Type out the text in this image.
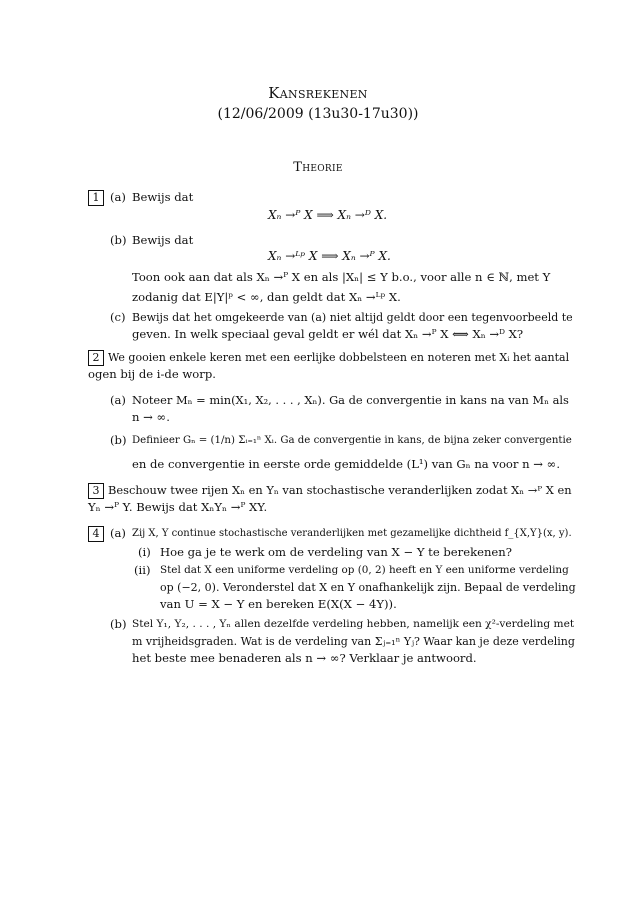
Kansrekenen
(12/06/2009 (13u30-17u30))
Theorie
1 (a) Bewijs dat
Xₙ →ᴾ X ⟹ Xₙ →ᴰ X.
(b) Bewijs dat
Xₙ →ᴸᵖ X ⟹ Xₙ →ᴾ X.
Toon ook aan dat als Xₙ →ᴾ X en als |Xₙ| ≤ Y b.o., voor alle n ∈ ℕ, met Y
zodanig dat E|Y|ᵖ < ∞, dan geldt dat Xₙ →ᴸᵖ X.
(c) Bewijs dat het omgekeerde van (a) niet altijd geldt door een tegenvoorbeeld te
geven. In welk speciaal geval geldt er wél dat Xₙ →ᴾ X ⟺ Xₙ →ᴰ X?
2 We gooien enkele keren met een eerlijke dobbelsteen en noteren met Xᵢ het aantal
ogen bij de i-de worp.
(a) Noteer Mₙ = min(X₁, X₂, . . . , Xₙ). Ga de convergentie in kans na van Mₙ als
n → ∞.
(b) Definieer Gₙ = (1/n) Σᵢ₌₁ⁿ Xᵢ. Ga de convergentie in kans, de bijna zeker convergentie
en de convergentie in eerste orde gemiddelde (L¹) van Gₙ na voor n → ∞.
3 Beschouw twee rijen Xₙ en Yₙ van stochastische veranderlijken zodat Xₙ →ᴾ X en
Yₙ →ᴾ Y. Bewijs dat XₙYₙ →ᴾ XY.
4 (a) Zij X, Y continue stochastische veranderlijken met gezamelijke dichtheid f_{X,Y}(x, y).
(i) Hoe ga je te werk om de verdeling van X − Y te berekenen?
(ii) Stel dat X een uniforme verdeling op (0, 2) heeft en Y een uniforme verdeling
op (−2, 0). Veronderstel dat X en Y onafhankelijk zijn. Bepaal de verdeling
van U = X − Y en bereken E(X(X − 4Y)).
(b) Stel Y₁, Y₂, . . . , Yₙ allen dezelfde verdeling hebben, namelijk een χ²-verdeling met
m vrijheidsgraden. Wat is de verdeling van Σⱼ₌₁ⁿ Yⱼ? Waar kan je deze verdeling
het beste mee benaderen als n → ∞? Verklaar je antwoord.
